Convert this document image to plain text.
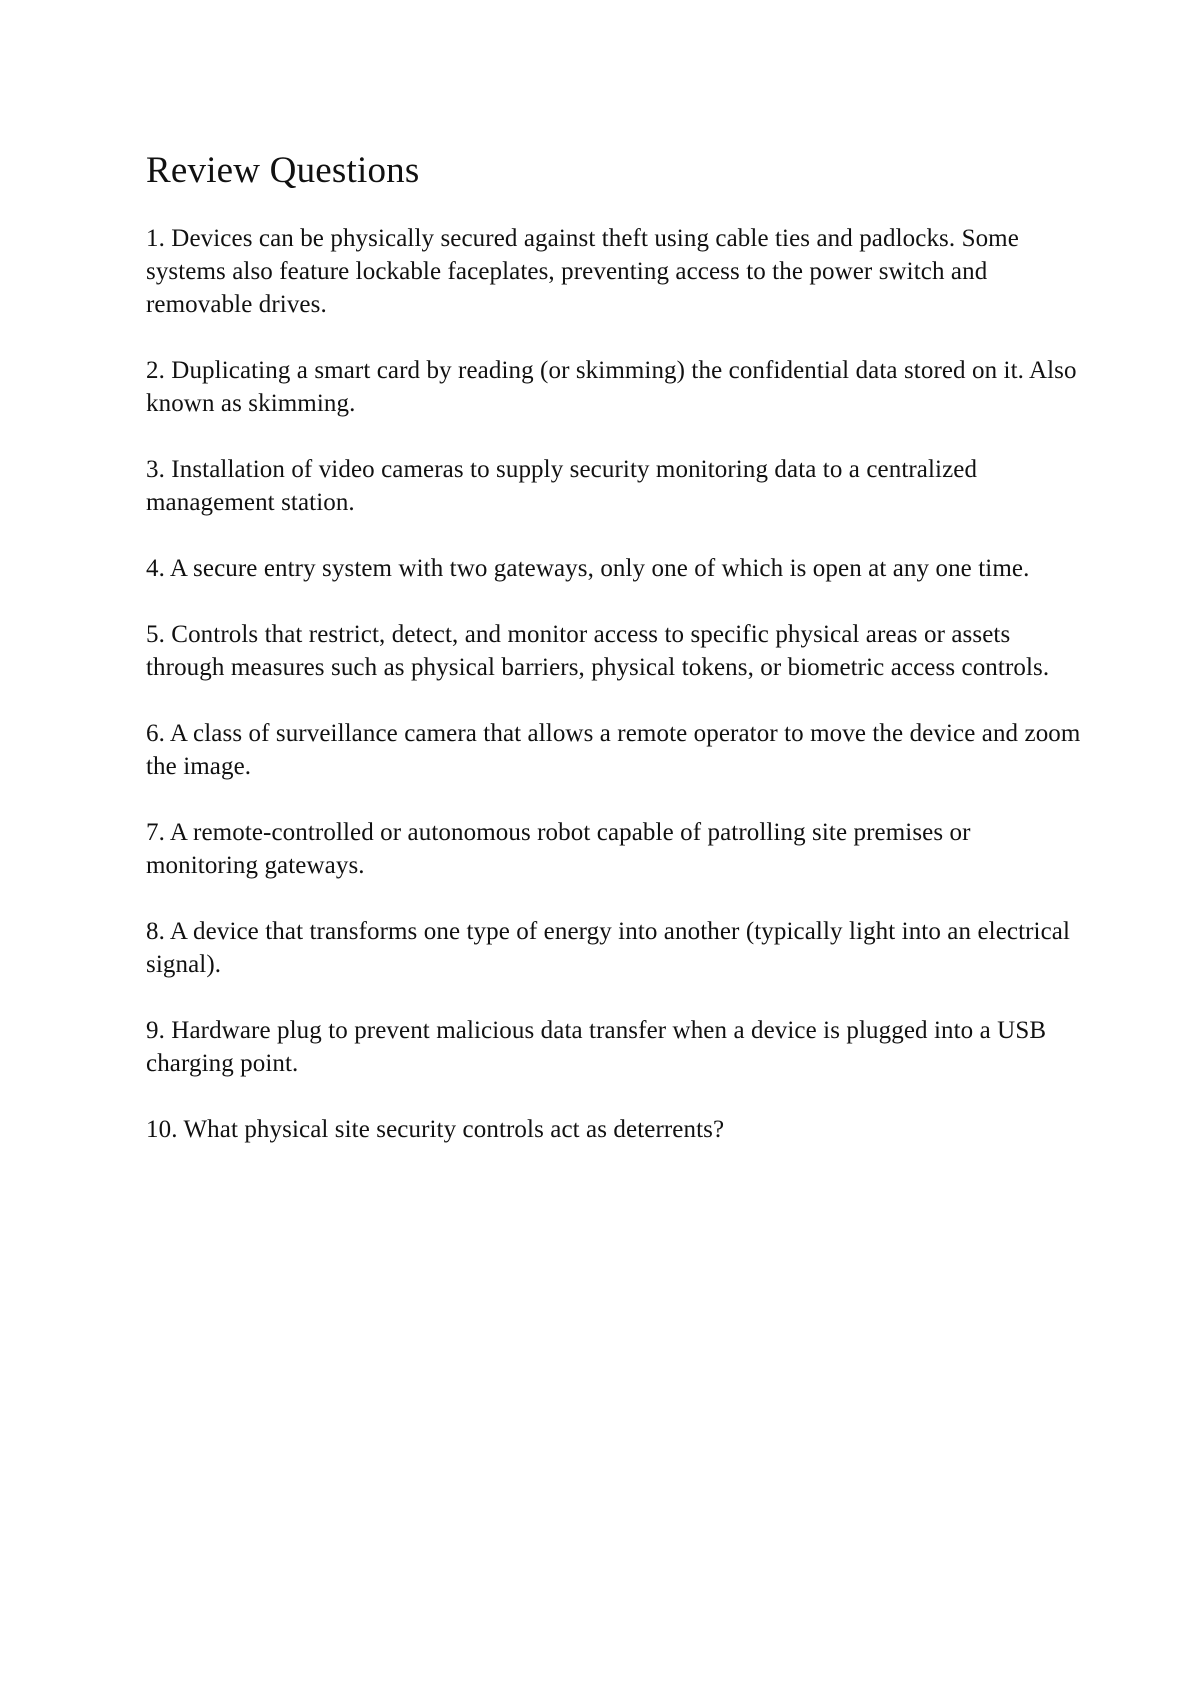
Review Questions

1. Devices can be physically secured against theft using cable ties and padlocks. Some systems also feature lockable faceplates, preventing access to the power switch and removable drives.

2. Duplicating a smart card by reading (or skimming) the confidential data stored on it. Also known as skimming.

3. Installation of video cameras to supply security monitoring data to a centralized management station.

4. A secure entry system with two gateways, only one of which is open at any one time.

5. Controls that restrict, detect, and monitor access to specific physical areas or assets through measures such as physical barriers, physical tokens, or biometric access controls.

6. A class of surveillance camera that allows a remote operator to move the device and zoom the image.

7. A remote-controlled or autonomous robot capable of patrolling site premises or monitoring gateways.

8. A device that transforms one type of energy into another (typically light into an electrical signal).

9. Hardware plug to prevent malicious data transfer when a device is plugged into a USB charging point.

10. What physical site security controls act as deterrents?
